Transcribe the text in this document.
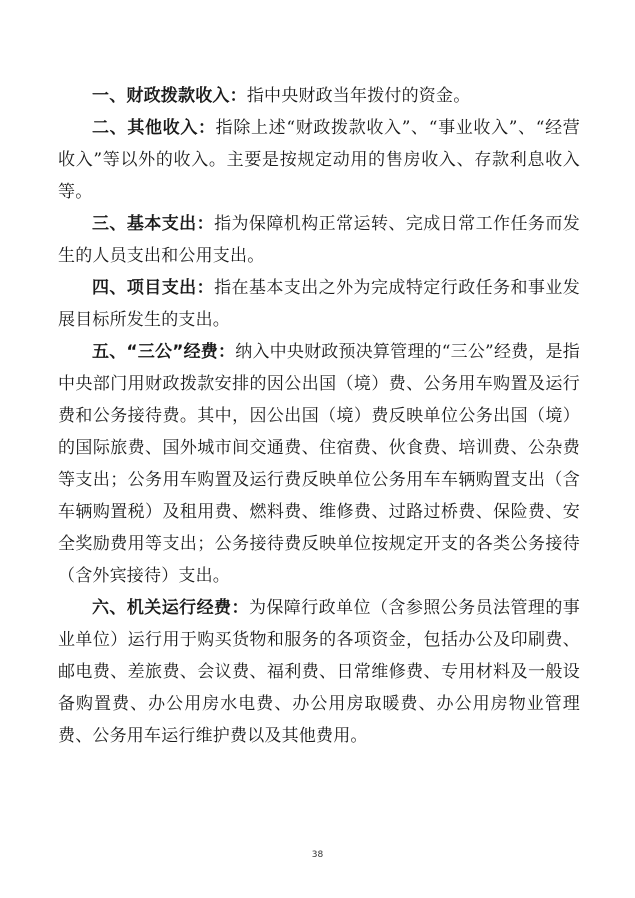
一、财政拨款收入：指中央财政当年拨付的资金。

二、其他收入：指除上述“财政拨款收入”、“事业收入”、“经营收入”等以外的收入。主要是按规定动用的售房收入、存款利息收入等。

三、基本支出：指为保障机构正常运转、完成日常工作任务而发生的人员支出和公用支出。

四、项目支出：指在基本支出之外为完成特定行政任务和事业发展目标所发生的支出。

五、“三公”经费：纳入中央财政预决算管理的“三公”经费，是指中央部门用财政拨款安排的因公出国（境）费、公务用车购置及运行费和公务接待费。其中，因公出国（境）费反映单位公务出国（境）的国际旅费、国外城市间交通费、住宿费、伙食费、培训费、公杂费等支出；公务用车购置及运行费反映单位公务用车车辆购置支出（含车辆购置税）及租用费、燃料费、维修费、过路过桥费、保险费、安全奖励费用等支出；公务接待费反映单位按规定开支的各类公务接待（含外宾接待）支出。

六、机关运行经费：为保障行政单位（含参照公务员法管理的事业单位）运行用于购买货物和服务的各项资金，包括办公及印刷费、邮电费、差旅费、会议费、福利费、日常维修费、专用材料及一般设备购置费、办公用房水电费、办公用房取暖费、办公用房物业管理费、公务用车运行维护费以及其他费用。

38
